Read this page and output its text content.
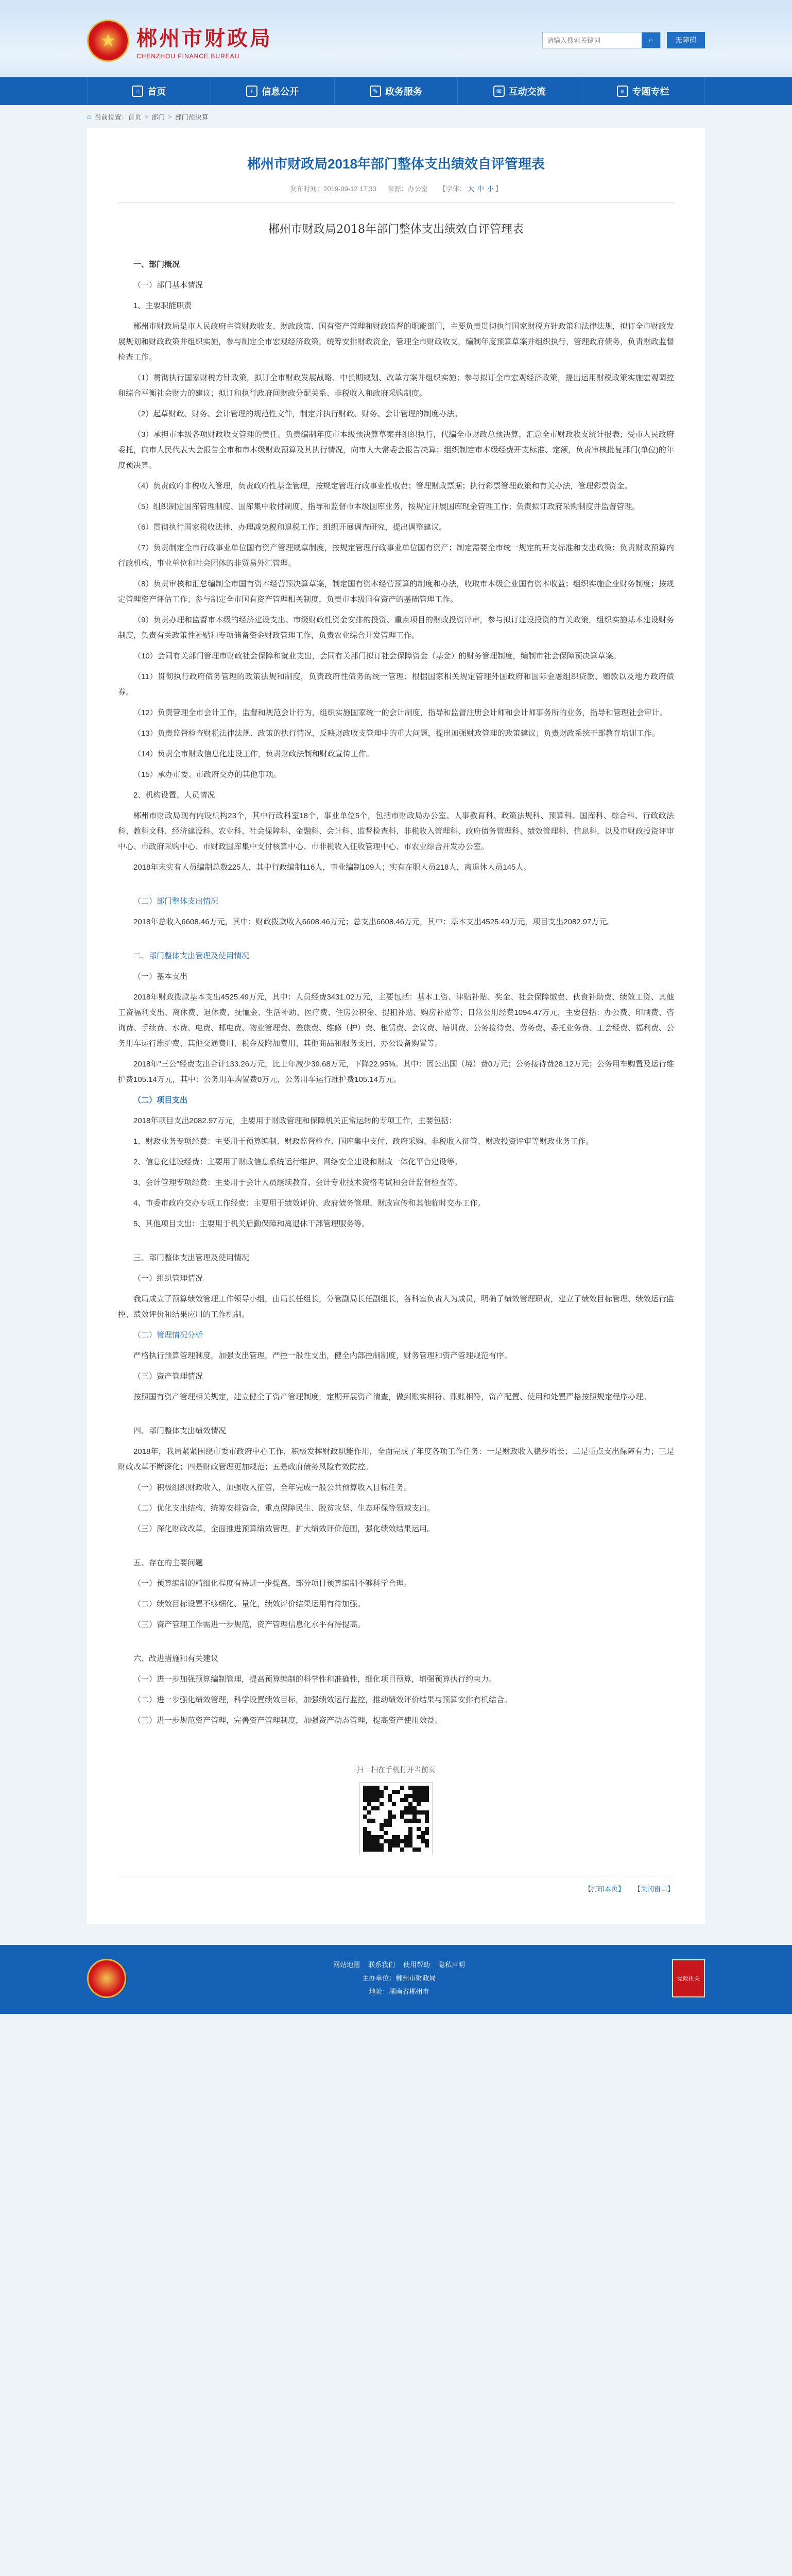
★ 郴州市财政局
CHENZHOU FINANCE BUREAU
请输入搜索关键词
⌕	无障碍
⌂ 首页	i 信息公开	✎ 政务服务	✉ 互动交流	≡ 专题专栏
⌂ 当前位置： 首页 > 部门 > 部门预决算
郴州市财政局2018年部门整体支出绩效自评管理表
发布时间：2019-09-12 17:33 来源：办公室 【字体： 大 中 小 】
郴州市财政局2018年部门整体支出绩效自评管理表

一、部门概况

（一）部门基本情况

1、主要职能职责

郴州市财政局是市人民政府主管财政收支、财政政策、国有资产管理和财政监督的职能部门，主要负责贯彻执行国家财税方针政策和法律法规，拟订全市财政发展规划和财政政策并组织实施，参与制定全市宏观经济政策，统筹安排财政资金，管理全市财政收支，编制年度预算草案并组织执行，管理政府债务，负责财政监督检查工作。

（1）贯彻执行国家财税方针政策，拟订全市财政发展战略、中长期规划、改革方案并组织实施；参与拟订全市宏观经济政策，提出运用财税政策实施宏观调控和综合平衡社会财力的建议；拟订和执行政府间财政分配关系、非税收入和政府采购制度。

（2）起草财政、财务、会计管理的规范性文件，制定并执行财政、财务、会计管理的制度办法。

（3）承担市本级各项财政收支管理的责任。负责编制年度市本级预决算草案并组织执行，代编全市财政总预决算，汇总全市财政收支统计报表；受市人民政府委托，向市人民代表大会报告全市和市本级财政预算及其执行情况，向市人大常委会报告决算；组织制定市本级经费开支标准、定额，负责审核批复部门(单位)的年度预决算。

（4）负责政府非税收入管理，负责政府性基金管理，按规定管理行政事业性收费；管理财政票据；执行彩票管理政策和有关办法，管理彩票资金。

（5）组织制定国库管理制度、国库集中收付制度，指导和监督市本级国库业务，按规定开展国库现金管理工作；负责拟订政府采购制度并监督管理。

（6）贯彻执行国家税收法律，办理减免税和退税工作；组织开展调查研究，提出调整建议。

（7）负责制定全市行政事业单位国有资产管理规章制度，按规定管理行政事业单位国有资产；制定需要全市统一规定的开支标准和支出政策；负责财政预算内行政机构、事业单位和社会团体的非贸易外汇管理。

（8）负责审核和汇总编制全市国有资本经营预决算草案，制定国有资本经营预算的制度和办法，收取市本级企业国有资本收益；组织实施企业财务制度；按规定管理资产评估工作；参与制定全市国有资产管理相关制度，负责市本级国有资产的基础管理工作。

（9）负责办理和监督市本级的经济建设支出、市级财政性资金安排的投资、重点项目的财政投资评审，参与拟订建设投资的有关政策，组织实施基本建设财务制度，负责有关政策性补贴和专项储备资金财政管理工作，负责农业综合开发管理工作。

（10）会同有关部门管理市财政社会保障和就业支出，会同有关部门拟订社会保障资金（基金）的财务管理制度，编制市社会保障预决算草案。

（11）贯彻执行政府债务管理的政策法规和制度，负责政府性债务的统一管理；根据国家相关规定管理外国政府和国际金融组织贷款、赠款以及地方政府债券。

（12）负责管理全市会计工作，监督和规范会计行为，组织实施国家统一的会计制度，指导和监督注册会计师和会计师事务所的业务，指导和管理社会审计。

（13）负责监督检查财税法律法规、政策的执行情况，反映财政收支管理中的重大问题，提出加强财政管理的政策建议；负责财政系统干部教育培训工作。

（14）负责全市财政信息化建设工作，负责财政法制和财政宣传工作。

（15）承办市委、市政府交办的其他事项。

2、机构设置、人员情况

郴州市财政局现有内设机构23个，其中行政科室18个，事业单位5个，包括市财政局办公室、人事教育科、政策法规科、预算科、国库科、综合科、行政政法科、教科文科、经济建设科、农业科、社会保障科、金融科、会计科、监督检查科、非税收入管理科、政府债务管理科、绩效管理科、信息科，以及市财政投资评审中心、市政府采购中心、市财政国库集中支付核算中心、市非税收入征收管理中心、市农业综合开发办公室。

2018年末实有人员编制总数225人，其中行政编制116人，事业编制109人；实有在职人员218人，离退休人员145人。

（二）部门整体支出情况

2018年总收入6608.46万元，其中：财政拨款收入6608.46万元；总支出6608.46万元，其中：基本支出4525.49万元，项目支出2082.97万元。

二、部门整体支出管理及使用情况

（一）基本支出

2018年财政拨款基本支出4525.49万元，其中：人员经费3431.02万元，主要包括：基本工资、津贴补贴、奖金、社会保障缴费、伙食补助费、绩效工资、其他工资福利支出、离休费、退休费、抚恤金、生活补助、医疗费、住房公积金、提租补贴、购房补贴等；日常公用经费1094.47万元，主要包括：办公费、印刷费、咨询费、手续费、水费、电费、邮电费、物业管理费、差旅费、维修（护）费、租赁费、会议费、培训费、公务接待费、劳务费、委托业务费、工会经费、福利费、公务用车运行维护费、其他交通费用、税金及附加费用、其他商品和服务支出、办公设备购置等。

2018年"三公"经费支出合计133.26万元，比上年减少39.68万元，下降22.95%。其中：因公出国（境）费0万元；公务接待费28.12万元；公务用车购置及运行维护费105.14万元，其中：公务用车购置费0万元，公务用车运行维护费105.14万元。

（二）项目支出

2018年项目支出2082.97万元，主要用于财政管理和保障机关正常运转的专项工作，主要包括：

1、财政业务专项经费：主要用于预算编制、财政监督检查、国库集中支付、政府采购、非税收入征管、财政投资评审等财政业务工作。

2、信息化建设经费：主要用于财政信息系统运行维护、网络安全建设和财政一体化平台建设等。

3、会计管理专项经费：主要用于会计人员继续教育、会计专业技术资格考试和会计监督检查等。

4、市委市政府交办专项工作经费：主要用于绩效评价、政府债务管理、财政宣传和其他临时交办工作。

5、其他项目支出：主要用于机关后勤保障和离退休干部管理服务等。

三、部门整体支出管理及使用情况

（一）组织管理情况

我局成立了预算绩效管理工作领导小组，由局长任组长，分管副局长任副组长，各科室负责人为成员，明确了绩效管理职责，建立了绩效目标管理、绩效运行监控、绩效评价和结果应用的工作机制。

（二）管理情况分析

严格执行预算管理制度，加强支出管理，严控一般性支出，健全内部控制制度，财务管理和资产管理规范有序。

（三）资产管理情况

按照国有资产管理相关规定，建立健全了资产管理制度，定期开展资产清查，做到账实相符、账账相符，资产配置、使用和处置严格按照规定程序办理。

四、部门整体支出绩效情况

2018年，我局紧紧围绕市委市政府中心工作，积极发挥财政职能作用，全面完成了年度各项工作任务：一是财政收入稳步增长；二是重点支出保障有力；三是财政改革不断深化；四是财政管理更加规范；五是政府债务风险有效防控。

（一）积极组织财政收入，加强收入征管，全年完成一般公共预算收入目标任务。

（二）优化支出结构，统筹安排资金，重点保障民生、脱贫攻坚、生态环保等领域支出。

（三）深化财政改革，全面推进预算绩效管理，扩大绩效评价范围，强化绩效结果运用。

五、存在的主要问题

（一）预算编制的精细化程度有待进一步提高，部分项目预算编制不够科学合理。

（二）绩效目标设置不够细化、量化，绩效评价结果运用有待加强。

（三）资产管理工作需进一步规范，资产管理信息化水平有待提高。

六、改进措施和有关建议

（一）进一步加强预算编制管理，提高预算编制的科学性和准确性，细化项目预算，增强预算执行约束力。

（二）进一步强化绩效管理，科学设置绩效目标，加强绩效运行监控，推动绩效评价结果与预算安排有机结合。

（三）进一步规范资产管理，完善资产管理制度，加强资产动态管理，提高资产使用效益。

扫一扫在手机打开当前页
【打印本页】 【关闭窗口】
网站地图 联系我们 使用帮助 隐私声明
主办单位：郴州市财政局
地址：湖南省郴州市
党政机关
